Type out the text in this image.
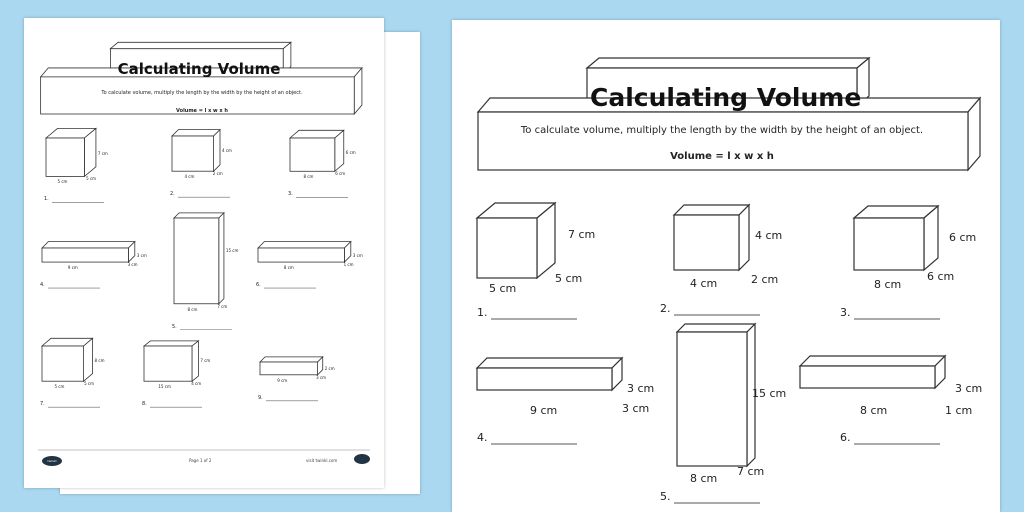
Calculating Volume
To calculate volume, multiply the length by the width by the height of an object.
Volume = l x w x h
twinkl	Page 1 of 2	visit twinkl.com	·
1.
5 cm
5 cm
7 cm
2.
4 cm
2 cm
4 cm
3.
8 cm
6 cm
6 cm
4.
9 cm
3 cm
3 cm
5.
8 cm
7 cm
15 cm
6.
8 cm
1 cm
3 cm
7.
5 cm
5 cm
8 cm
8.
15 cm
4 cm
7 cm
9.
9 cm
3 cm
2 cm
Calculating Volume
To calculate volume, multiply the length by the width by the height of an object.
Volume = l x w x h
1.
5 cm
5 cm
7 cm
2.
4 cm	2 cm
4 cm
3.
8 cm
6 cm
6 cm
4.
9 cm	3 cm
3 cm
5.
8 cm
7 cm
15 cm
6.
8 cm	1 cm
3 cm
